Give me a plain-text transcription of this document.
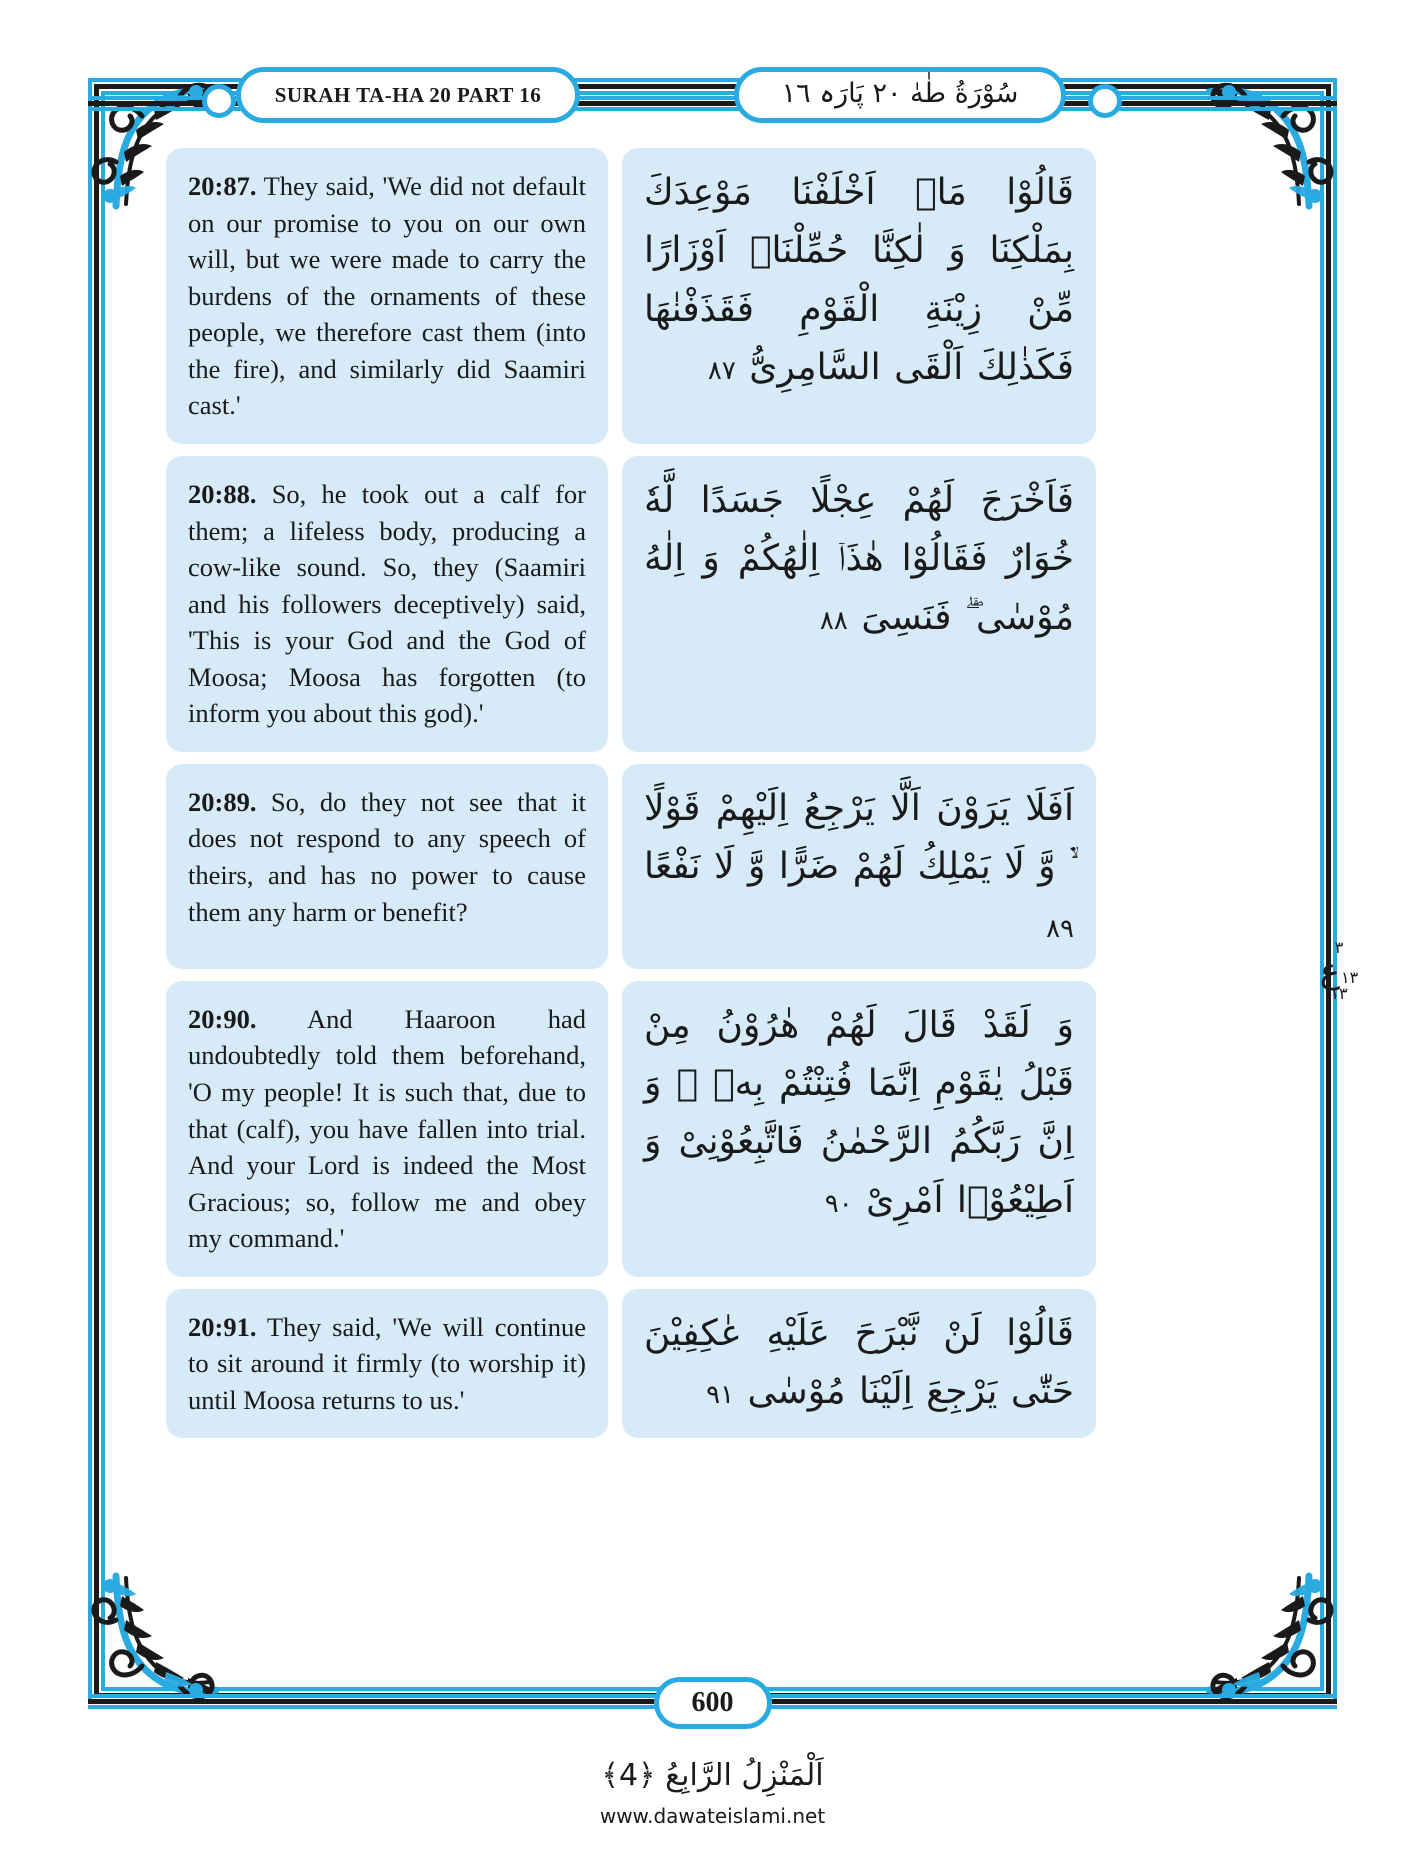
SURAH TA-HA 20 PART 16	سُوْرَةُ طٰهٰ ٢٠ پَارَہ ١٦
20:87. They said, 'We did not default on our promise to you on our own will, but we were made to carry the burdens of the ornaments of these people, we therefore cast them (into the fire), and similarly did Saamiri cast.'
قَالُوْا مَاۤ اَخْلَفْنَا مَوْعِدَكَ بِمَلْكِنَا وَ لٰكِنَّا حُمِّلْنَاۤ اَوْزَارًا مِّنْ زِیْنَةِ الْقَوْمِ فَقَذَفْنٰهَا فَكَذٰلِكَ اَلْقَى السَّامِرِیُّ ۸۷
20:88. So, he took out a calf for them; a lifeless body, producing a cow-like sound. So, they (Saamiri and his followers deceptively) said, 'This is your God and the God of Moosa; Moosa has forgotten (to inform you about this god).'
فَاَخْرَجَ لَهُمْ عِجْلًا جَسَدًا لَّهٗ خُوَارٌ فَقَالُوْا هٰذَاۤ اِلٰهُكُمْ وَ اِلٰهُ مُوْسٰى ۖۗ فَنَسِیَ ۸۸
20:89. So, do they not see that it does not respond to any speech of theirs, and has no power to cause them any harm or benefit?
اَفَلَا یَرَوْنَ اَلَّا یَرْجِعُ اِلَیْهِمْ قَوْلًا ۙ۬ وَّ لَا یَمْلِكُ لَهُمْ ضَرًّا وَّ لَا نَفْعًا ۸۹
20:90. And Haaroon had undoubtedly told them beforehand, 'O my people! It is such that, due to that (calf), you have fallen into trial. And your Lord is indeed the Most Gracious; so, follow me and obey my command.'
وَ لَقَدْ قَالَ لَهُمْ هٰرُوْنُ مِنْ قَبْلُ یٰقَوْمِ اِنَّمَا فُتِنْتُمْ بِهٖ ۚ وَ اِنَّ رَبَّكُمُ الرَّحْمٰنُ فَاتَّبِعُوْنِیْ وَ اَطِیْعُوْۤا اَمْرِیْ ۹۰
20:91. They said, 'We will continue to sit around it firmly (to worship it) until Moosa returns to us.'
قَالُوْا لَنْ نَّبْرَحَ عَلَیْهِ عٰكِفِیْنَ حَتّٰى یَرْجِعَ اِلَیْنَا مُوْسٰى ۹۱
٣
ع ١٣
١٣
600
اَلْمَنْزِلُ الرَّابِعُ ﴿4﴾
www.dawateislami.net
